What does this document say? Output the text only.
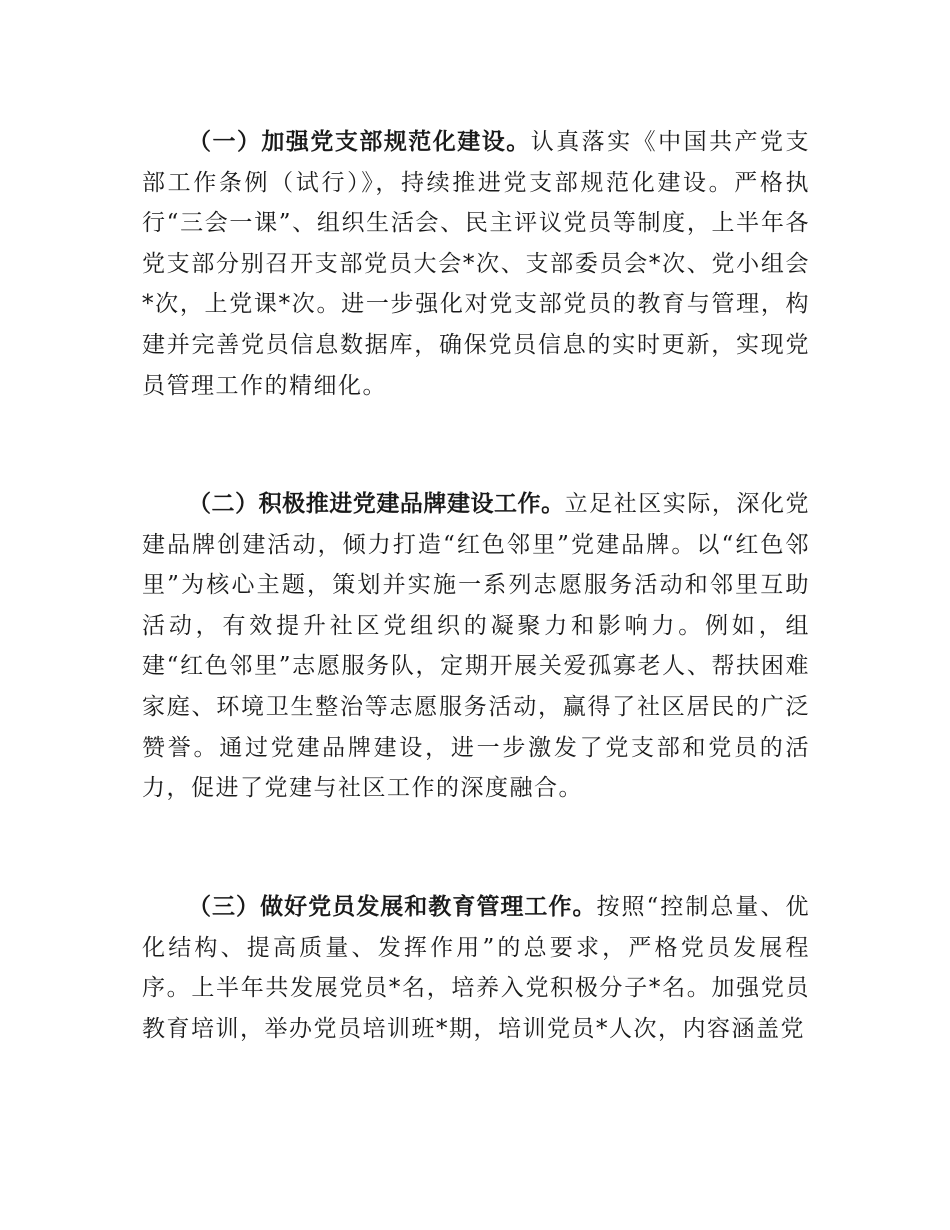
（一）加强党支部规范化建设。认真落实《中国共产党支部工作条例（试行）》，持续推进党支部规范化建设。严格执行“三会一课”、组织生活会、民主评议党员等制度，上半年各党支部分别召开支部党员大会*次、支部委员会*次、党小组会*次，上党课*次。进一步强化对党支部党员的教育与管理，构建并完善党员信息数据库，确保党员信息的实时更新，实现党员管理工作的精细化。

（二）积极推进党建品牌建设工作。立足社区实际，深化党建品牌创建活动，倾力打造“红色邻里”党建品牌。以“红色邻里”为核心主题，策划并实施一系列志愿服务活动和邻里互助活动，有效提升社区党组织的凝聚力和影响力。例如，组建“红色邻里”志愿服务队，定期开展关爱孤寡老人、帮扶困难家庭、环境卫生整治等志愿服务活动，赢得了社区居民的广泛赞誉。通过党建品牌建设，进一步激发了党支部和党员的活力，促进了党建与社区工作的深度融合。

（三）做好党员发展和教育管理工作。按照“控制总量、优化结构、提高质量、发挥作用”的总要求，严格党员发展程序。上半年共发展党员*名，培养入党积极分子*名。加强党员教育培训，举办党员培训班*期，培训党员*人次，内容涵盖党
